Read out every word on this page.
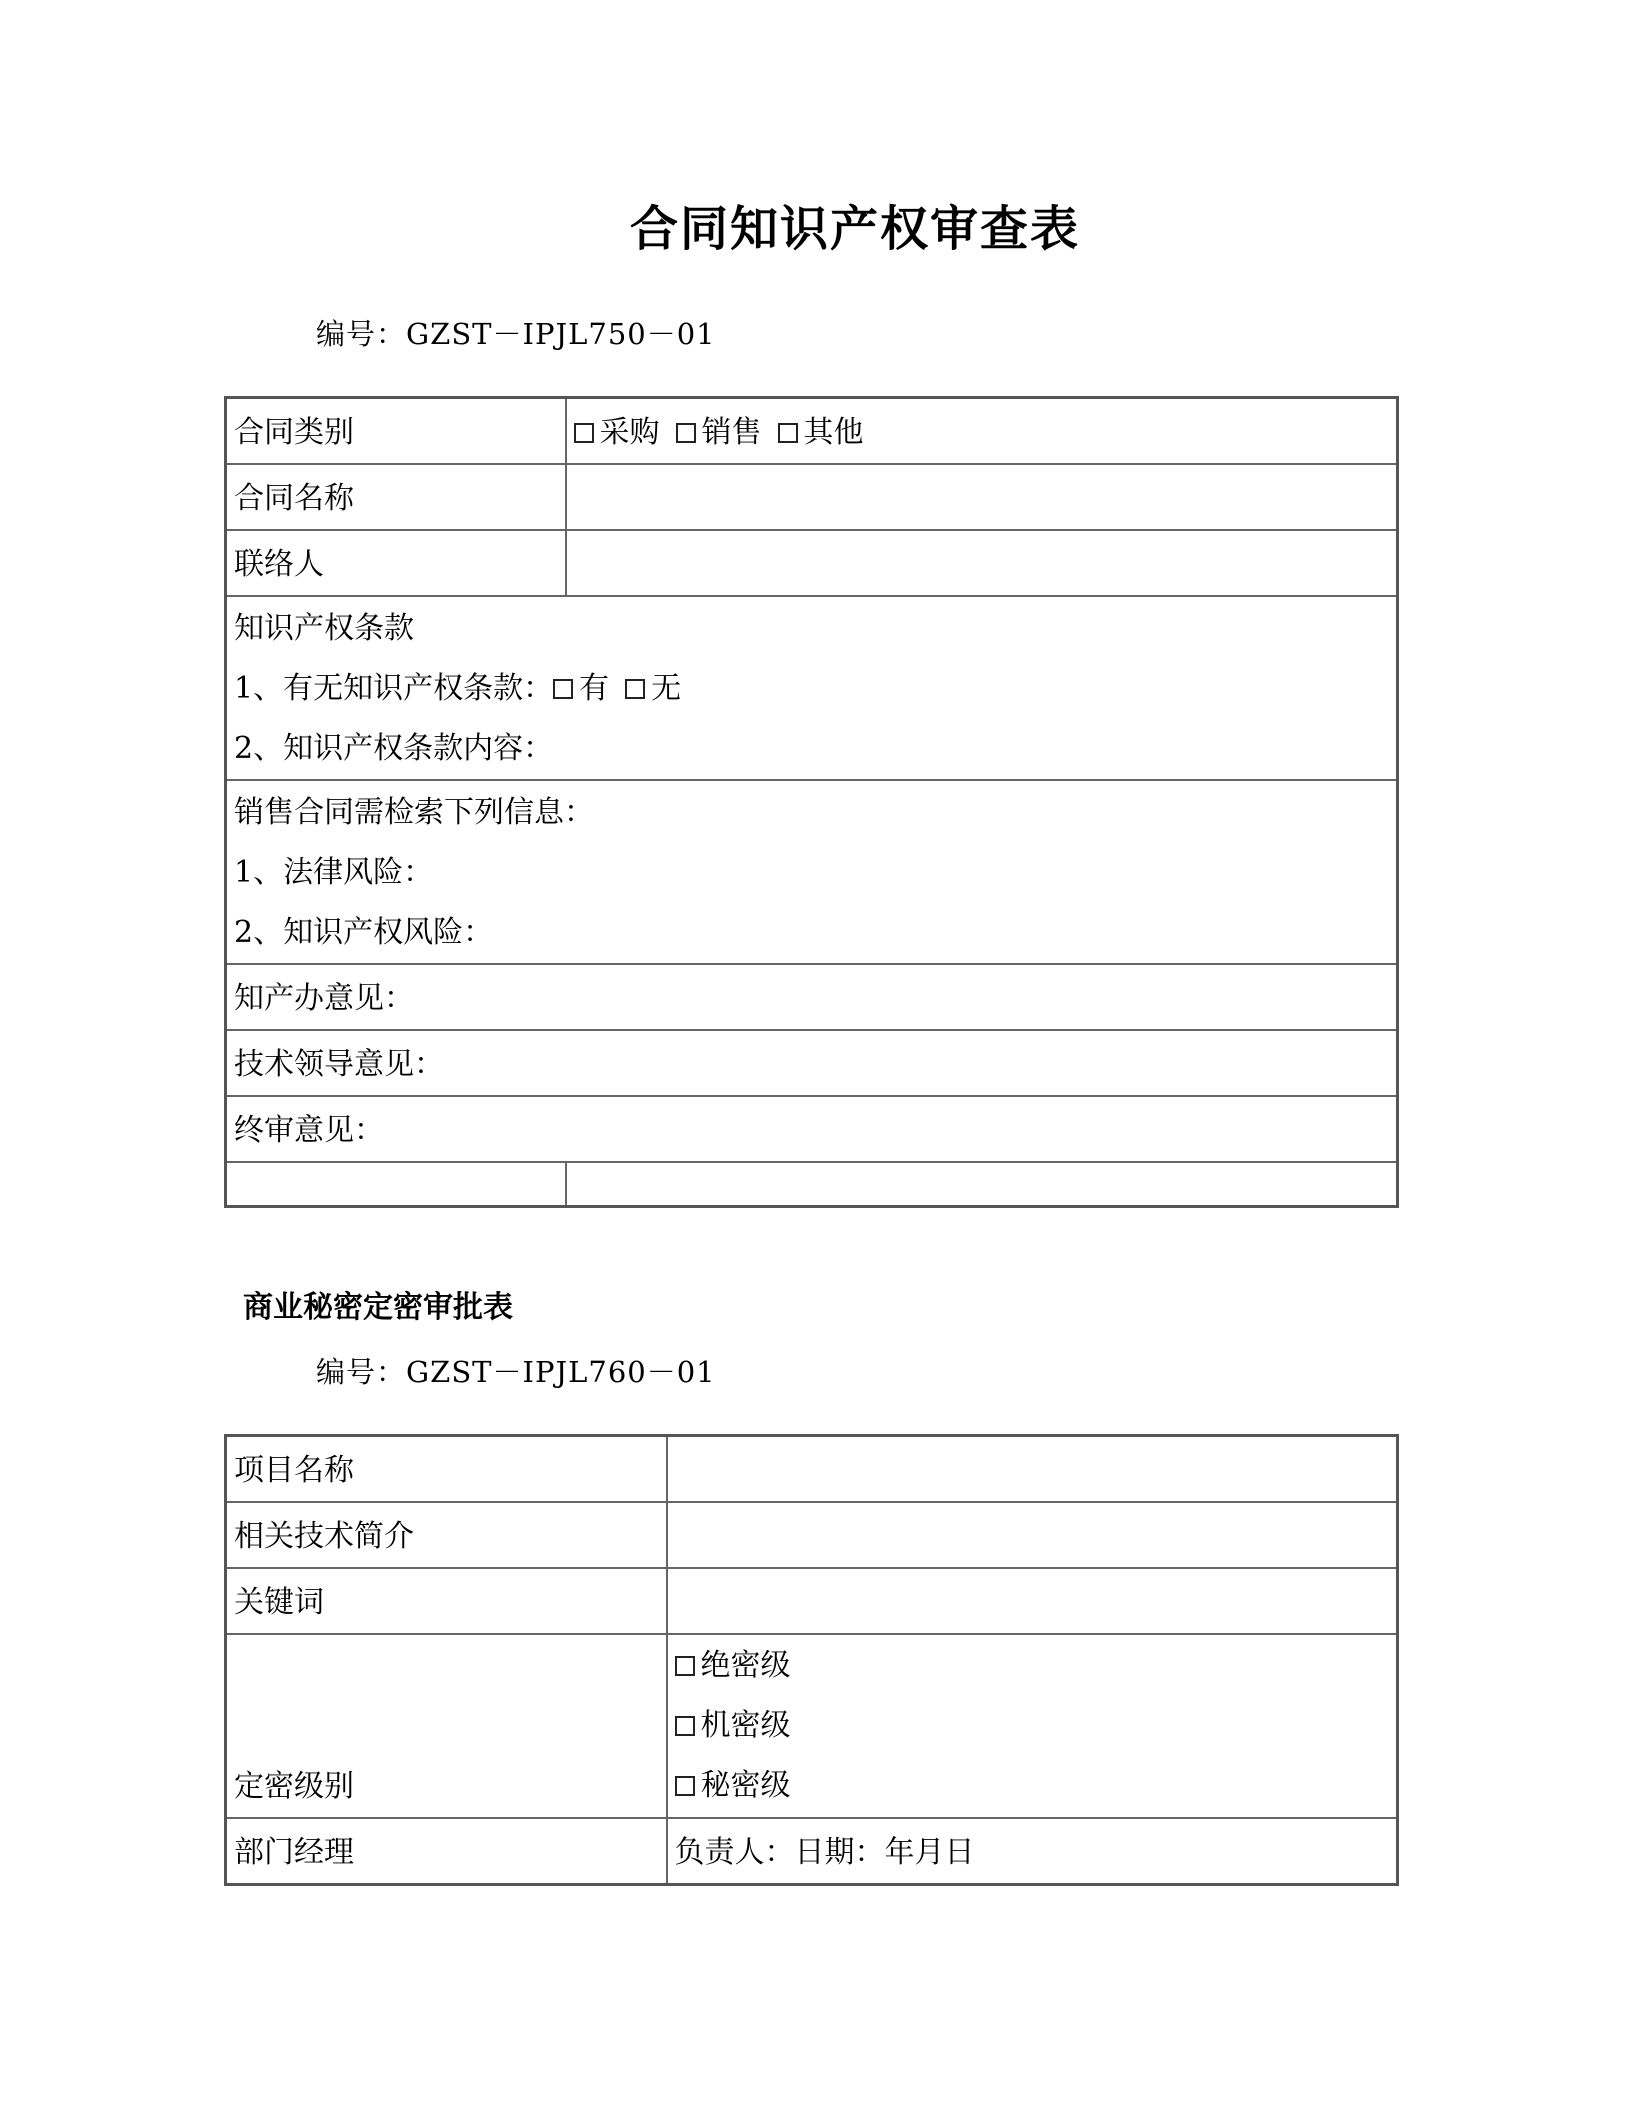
合同知识产权审查表
编号：GZST－IPJL750－01
合同类别	采购 销售 其他
合同名称	
联络人	

知识产权条款
1、有无知识产权条款： 有 无
2、知识产权条款内容：	

销售合同需检索下列信息：
1、法律风险：
2、知识产权风险：	

知产办意见：	
技术领导意见：	
终审意见：	

商业秘密定密审批表
编号：GZST－IPJL760－01
项目名称	
相关技术简介	
关键词	
定密级别	绝密级
机密级
秘密级

部门经理	负责人：日期：年月日
